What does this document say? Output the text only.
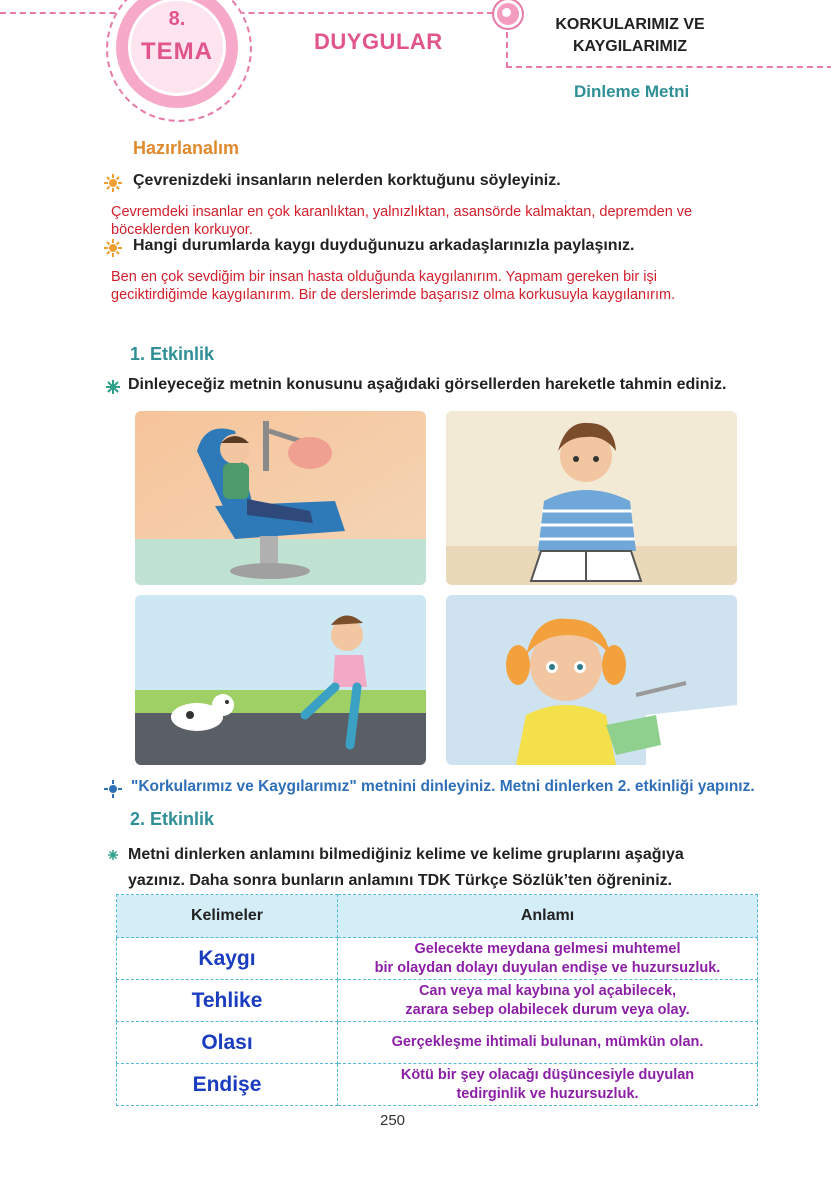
8.
TEMA	DUYGULAR
KORKULARIMIZ VE
KAYGILARIMIZ
Dinleme Metni
Hazırlanalım
Çevrenizdeki insanların nelerden korktuğunu söyleyiniz.
Çevremdeki insanlar en çok karanlıktan, yalnızlıktan, asansörde kalmaktan, depremden ve
böceklerden korkuyor.
Hangi durumlarda kaygı duyduğunuzu arkadaşlarınızla paylaşınız.
Ben en çok sevdiğim bir insan hasta olduğunda kaygılanırım. Yapmam gereken bir işi
geciktirdiğimde kaygılanırım. Bir de derslerimde başarısız olma korkusuyla kaygılanırım.
1. Etkinlik
Dinleyeceğiz metnin konusunu aşağıdaki görsellerden hareketle tahmin ediniz.
"Korkularımız ve Kaygılarımız" metnini dinleyiniz. Metni dinlerken 2. etkinliği yapınız.
2. Etkinlik
Metni dinlerken anlamını bilmediğiniz kelime ve kelime gruplarını aşağıya
yazınız. Daha sonra bunların anlamını TDK Türkçe Sözlük’ten öğreniniz.
Kelimeler	Anlamı
Kaygı	Gelecekte meydana gelmesi muhtemel
bir olaydan dolayı duyulan endişe ve huzursuzluk.

Tehlike	Can veya mal kaybına yol açabilecek,
zarara sebep olabilecek durum veya olay.

Olası	Gerçekleşme ihtimali bulunan, mümkün olan.

Endişe	Kötü bir şey olacağı düşüncesiyle duyulan
tedirginlik ve huzursuzluk.
250
